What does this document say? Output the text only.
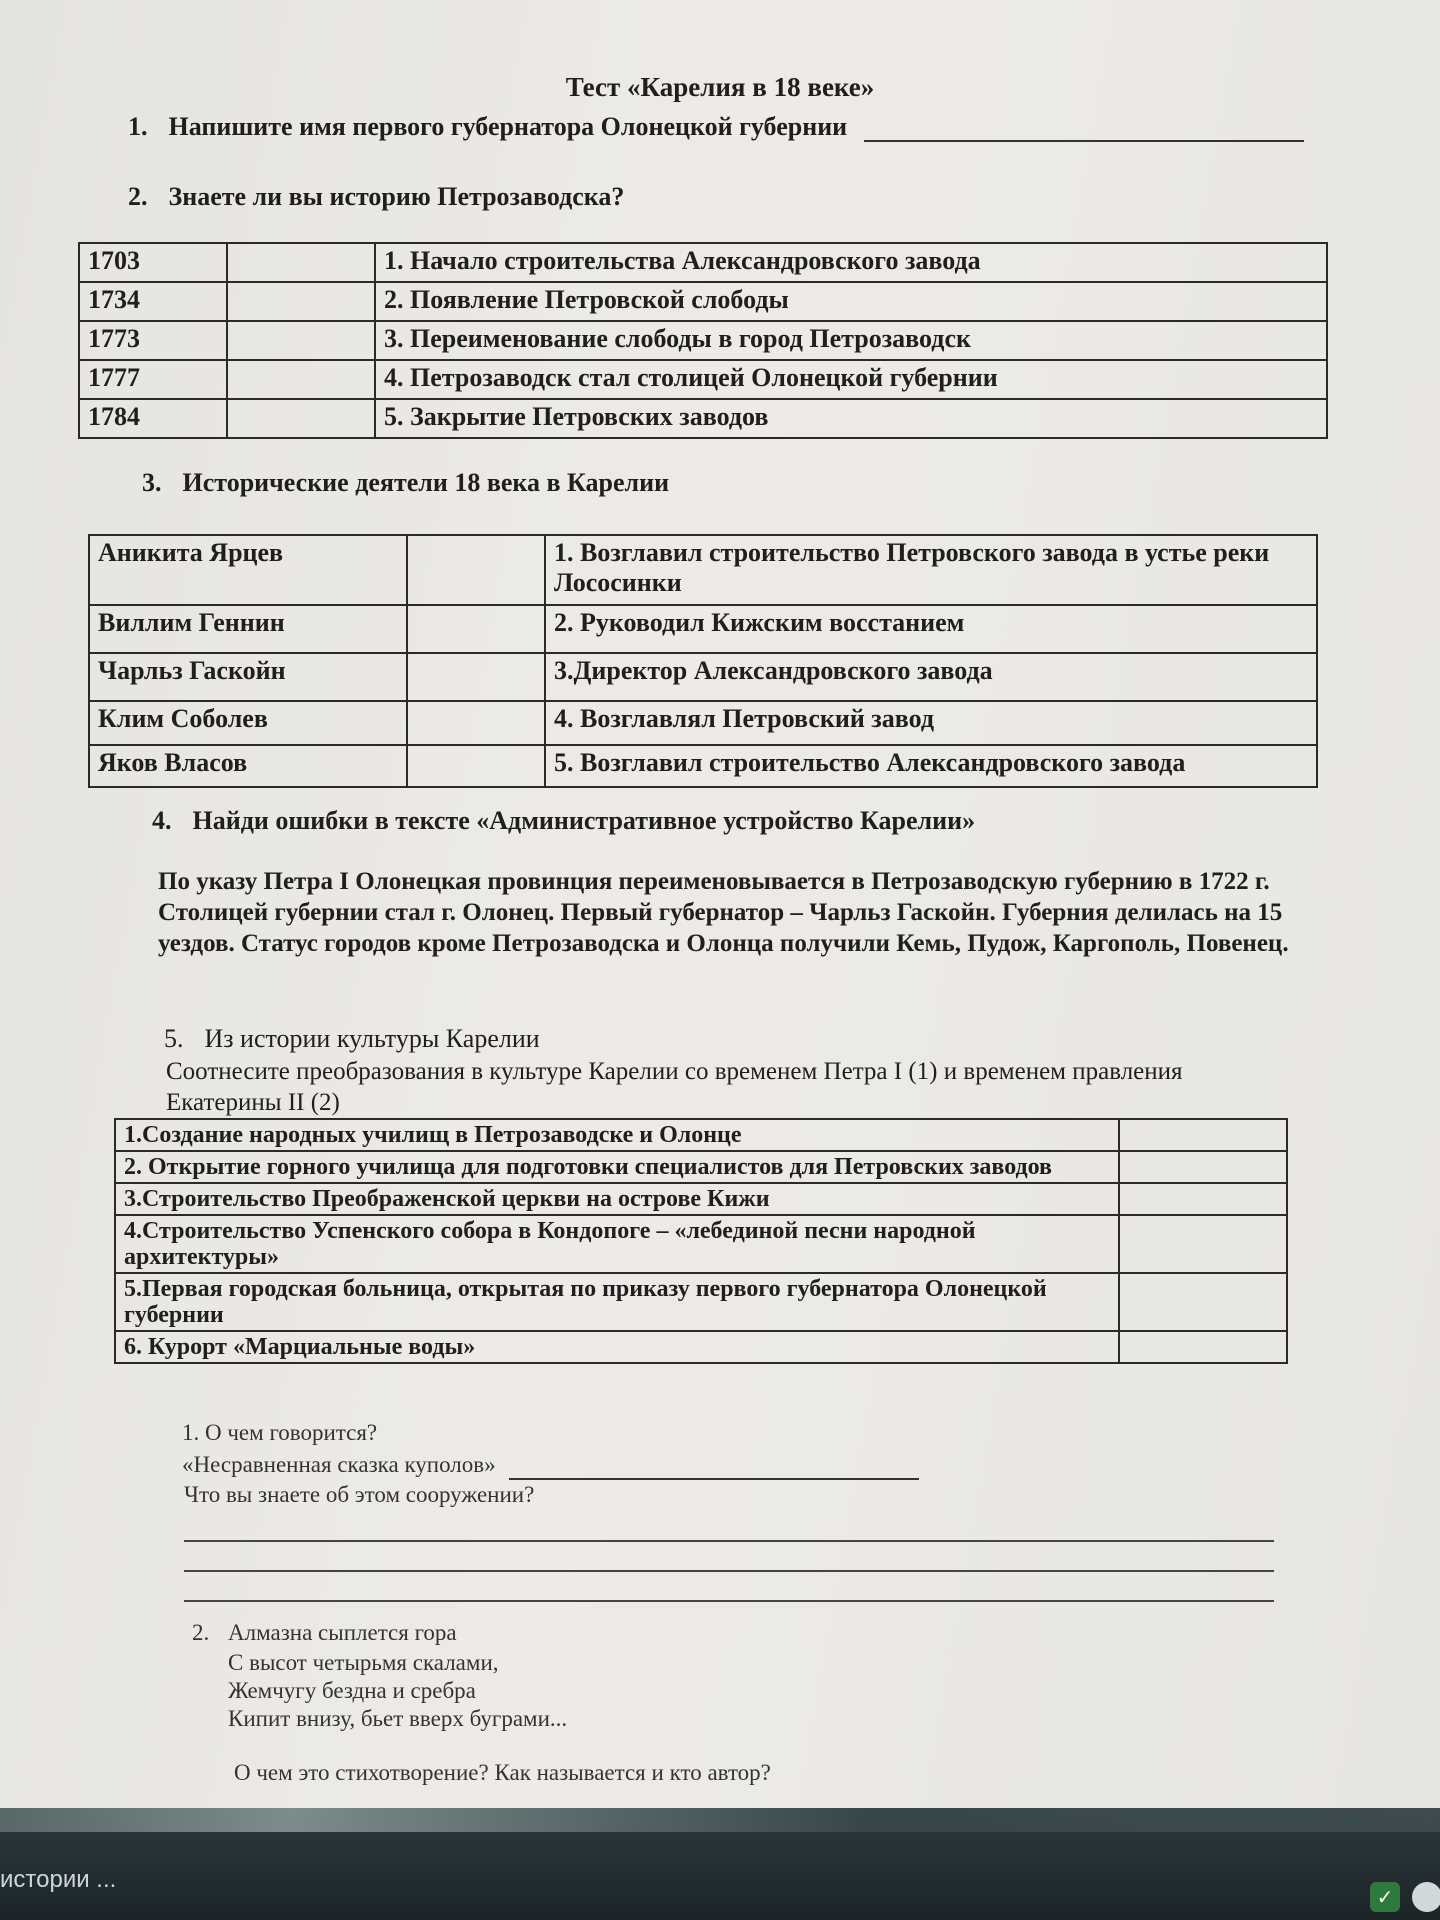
Тест «Карелия в 18 веке»
1. Напишите имя первого губернатора Олонецкой губернии
2. Знаете ли вы историю Петрозаводска?
1703		1. Начало строительства Александровского завода
1734		2. Появление Петровской слободы
1773		3. Переименование слободы в город Петрозаводск
1777		4. Петрозаводск стал столицей Олонецкой губернии
1784		5. Закрытие Петровских заводов
3. Исторические деятели 18 века в Карелии
Аникита Ярцев		1. Возглавил строительство Петровского завода в устье реки Лососинки
Виллим Геннин		2. Руководил Кижским восстанием
Чарльз Гаскойн		3.Директор Александровского завода
Клим Соболев		4. Возглавлял Петровский завод
Яков Власов		5. Возглавил строительство Александровского завода
4. Найди ошибки в тексте «Административное устройство Карелии»
По указу Петра I Олонецкая провинция переименовывается в Петрозаводскую губернию в 1722 г. Столицей губернии стал г. Олонец. Первый губернатор – Чарльз Гаскойн. Губерния делилась на 15 уездов. Статус городов кроме Петрозаводска и Олонца получили Кемь, Пудож, Каргополь, Повенец.
5. Из истории культуры Карелии
Соотнесите преобразования в культуре Карелии со временем Петра I (1) и временем правления Екатерины II (2)
1.Создание народных училищ в Петрозаводске и Олонце	
2. Открытие горного училища для подготовки специалистов для Петровских заводов	
3.Строительство Преображенской церкви на острове Кижи	
4.Строительство Успенского собора в Кондопоге – «лебединой песни народной архитектуры»	
5.Первая городская больница, открытая по приказу первого губернатора Олонецкой губернии	
6. Курорт «Марциальные воды»	
1. О чем говорится?
«Несравненная сказка куполов»
Что вы знаете об этом сооружении?
2. Алмазна сыплется гора
С высот четырьмя скалами,
Жемчугу бездна и сребра
Кипит внизу, бьет вверх буграми...
О чем это стихотворение? Как называется и кто автор?
истории ...
✓
